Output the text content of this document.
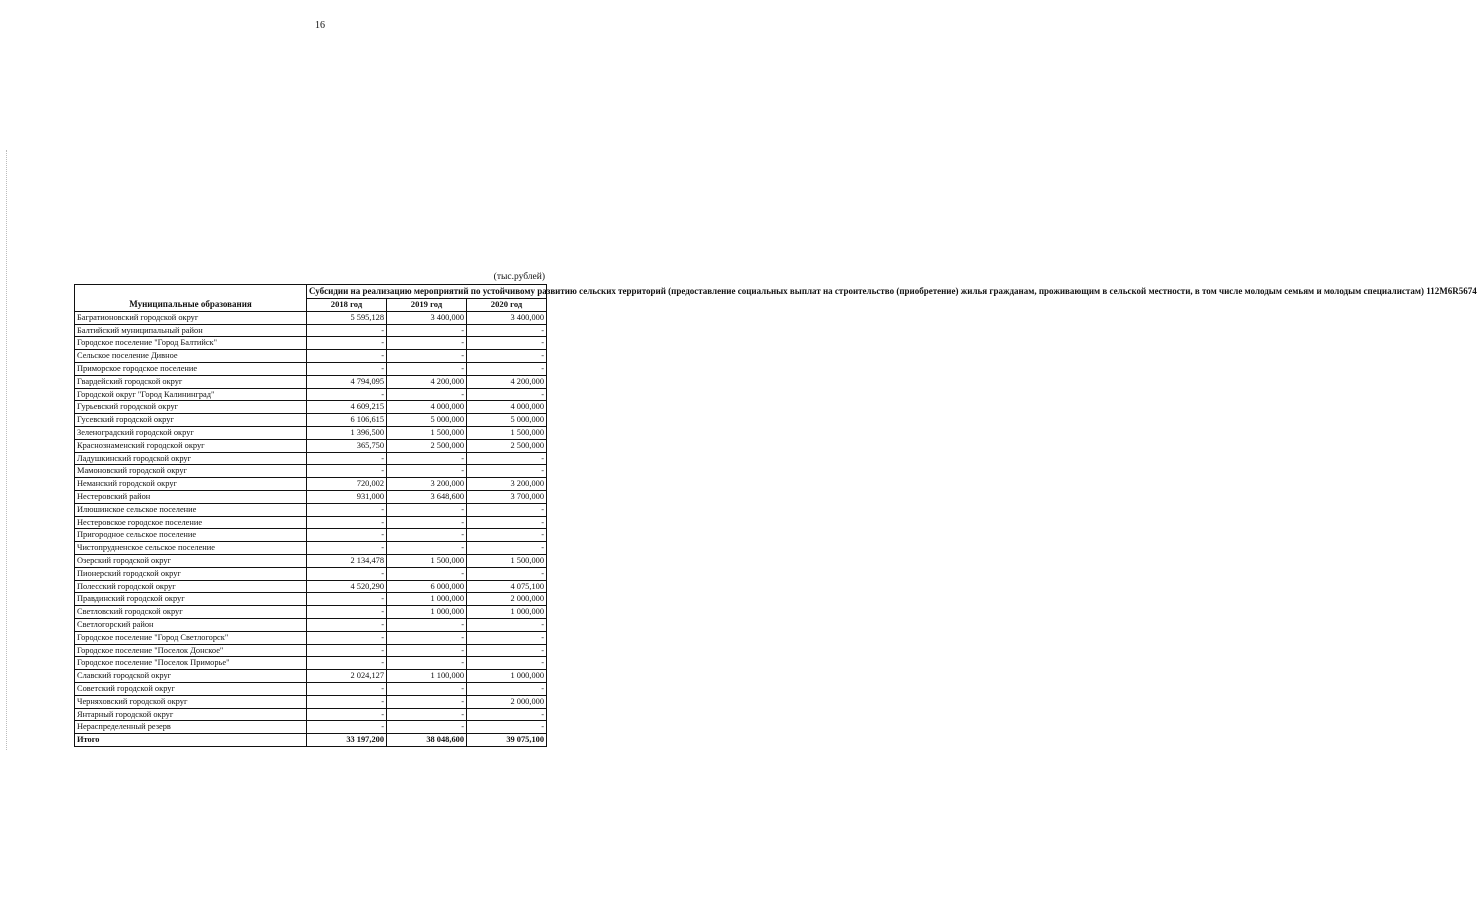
16
(тыс.рублей)
Муниципальные образования	Субсидии на реализацию мероприятий по устойчивому развитию сельских территорий (предоставление социальных выплат на строительство (приобретение) жилья гражданам, проживающим в сельской местности, в том числе молодым семьям и молодым специалистам) 112М6R5674		
	2018 год	2019 год	2020 год
Багратионовский городской округ	5 595,128	3 400,000	3 400,000
Балтийский муниципальный район	-	-	-
Городское поселение "Город Балтийск"	-	-	-
Сельское поселение Дивное	-	-	-
Приморское городское поселение	-	-	-
Гвардейский городской округ	4 794,095	4 200,000	4 200,000
Городской округ "Город Калининград"	-	-	-
Гурьевский городской округ	4 609,215	4 000,000	4 000,000
Гусевский городской округ	6 106,615	5 000,000	5 000,000
Зеленоградский городской округ	1 396,500	1 500,000	1 500,000
Краснознаменский городской округ	365,750	2 500,000	2 500,000
Ладушкинский городской округ	-	-	-
Мамоновский городской округ	-	-	-
Неманский городской округ	720,002	3 200,000	3 200,000
Нестеровский район	931,000	3 648,600	3 700,000
Илюшинское сельское поселение	-	-	-
Нестеровское городское поселение	-	-	-
Пригородное сельское поселение	-	-	-
Чистопрудненское сельское поселение	-	-	-
Озерский городской округ	2 134,478	1 500,000	1 500,000
Пионерский городской округ	-	-	-
Полесский городской округ	4 520,290	6 000,000	4 075,100
Правдинский городской округ	-	1 000,000	2 000,000
Светловский городской округ	-	1 000,000	1 000,000
Светлогорский район	-	-	-
Городское поселение "Город Светлогорск"	-	-	-
Городское поселение "Поселок Донское"	-	-	-
Городское поселение "Поселок Приморье"	-	-	-
Славский городской округ	2 024,127	1 100,000	1 000,000
Советский городской округ	-	-	-
Черняховский городской округ	-	-	2 000,000
Янтарный городской округ	-	-	-
Нераспределенный резерв	-	-	-
Итого	33 197,200	38 048,600	39 075,100
